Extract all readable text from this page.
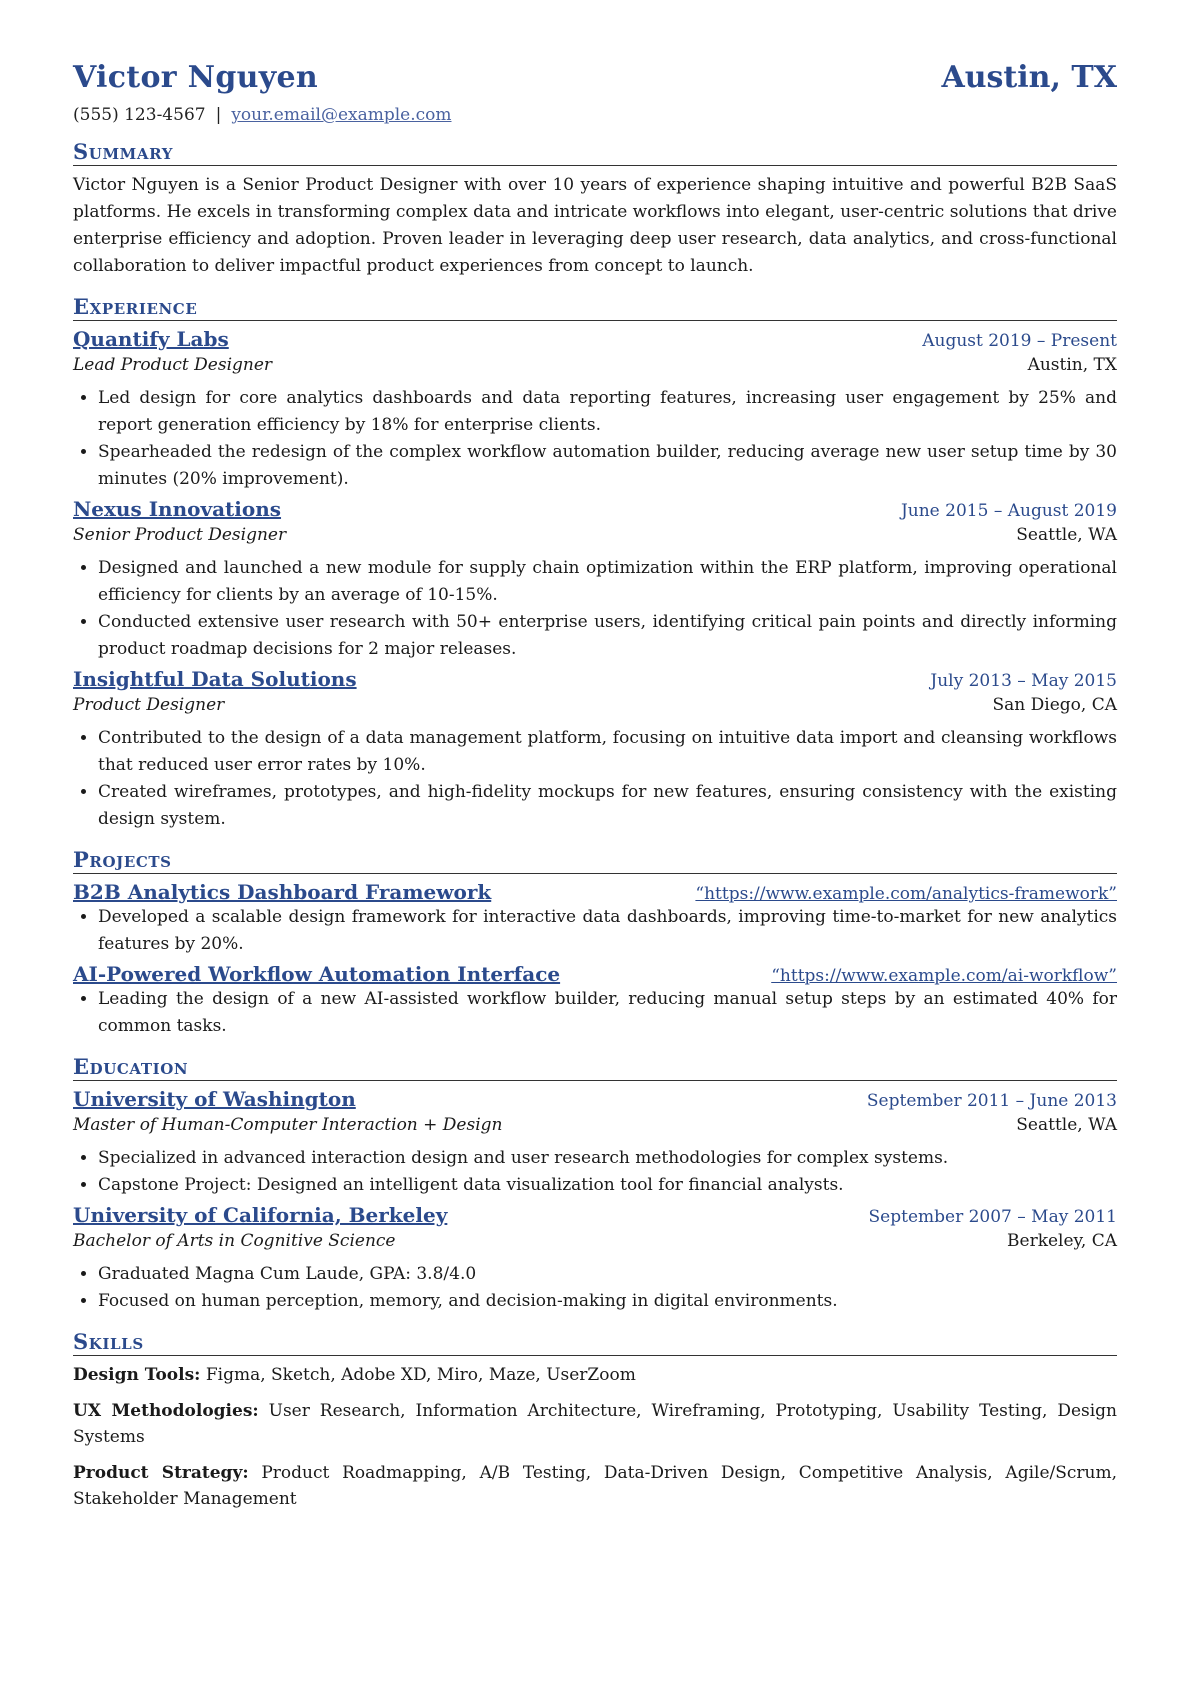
Victor Nguyen	Austin, TX
(555) 123-4567 | your.email@example.com
Summary
Victor Nguyen is a Senior Product Designer with over 10 years of experience shaping intuitive and powerful B2B SaaS platforms. He excels in transforming complex data and intricate workflows into elegant, user-centric solutions that drive enterprise efficiency and adoption. Proven leader in leveraging deep user research, data analytics, and cross-functional collaboration to deliver impactful product experiences from concept to launch.
Experience
Quantify Labs	August 2019 – Present
Lead Product Designer	Austin, TX
• Led design for core analytics dashboards and data reporting features, increasing user engagement by 25% and report generation efficiency by 18% for enterprise clients.
• Spearheaded the redesign of the complex workflow automation builder, reducing average new user setup time by 30 minutes (20% improvement).
Nexus Innovations	June 2015 – August 2019
Senior Product Designer	Seattle, WA
• Designed and launched a new module for supply chain optimization within the ERP platform, improving operational efficiency for clients by an average of 10-15%.
• Conducted extensive user research with 50+ enterprise users, identifying critical pain points and directly informing product roadmap decisions for 2 major releases.
Insightful Data Solutions	July 2013 – May 2015
Product Designer	San Diego, CA
• Contributed to the design of a data management platform, focusing on intuitive data import and cleansing workflows that reduced user error rates by 10%.
• Created wireframes, prototypes, and high-fidelity mockups for new features, ensuring consistency with the existing design system.
Projects
B2B Analytics Dashboard Framework	“https://www.example.com/analytics-framework”
• Developed a scalable design framework for interactive data dashboards, improving time-to-market for new analytics features by 20%.
AI-Powered Workflow Automation Interface	“https://www.example.com/ai-workflow”
• Leading the design of a new AI-assisted workflow builder, reducing manual setup steps by an estimated 40% for common tasks.
Education
University of Washington	September 2011 – June 2013
Master of Human-Computer Interaction + Design	Seattle, WA
• Specialized in advanced interaction design and user research methodologies for complex systems.
• Capstone Project: Designed an intelligent data visualization tool for financial analysts.
University of California, Berkeley	September 2007 – May 2011
Bachelor of Arts in Cognitive Science	Berkeley, CA
• Graduated Magna Cum Laude, GPA: 3.8/4.0
• Focused on human perception, memory, and decision-making in digital environments.
Skills
Design Tools: Figma, Sketch, Adobe XD, Miro, Maze, UserZoom
UX Methodologies: User Research, Information Architecture, Wireframing, Prototyping, Usability Testing, Design Systems
Product Strategy: Product Roadmapping, A/B Testing, Data-Driven Design, Competitive Analysis, Agile/Scrum, Stakeholder Management
